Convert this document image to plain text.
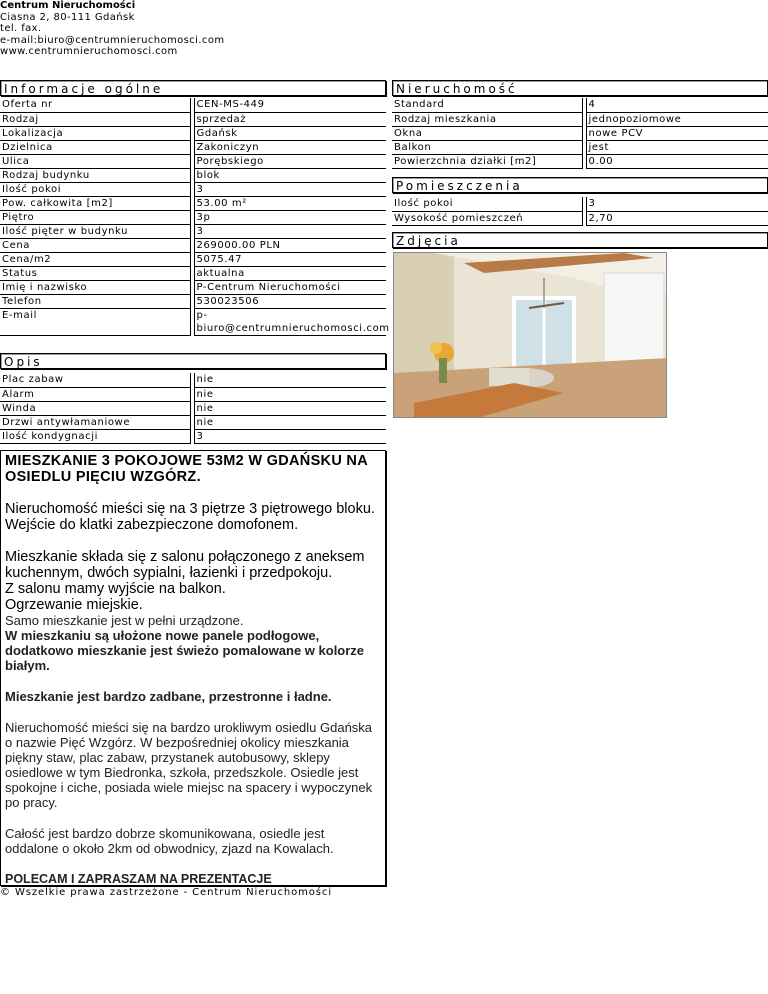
Centrum Nieruchomości
Ciasna 2, 80-111 Gdańsk
tel. fax.
e-mail:biuro@centrumnieruchomosci.com
www.centrumnieruchomosci.com
Informacje ogólne
Oferta nr		CEN-MS-449
Rodzaj		sprzedaż
Lokalizacja		Gdańsk
Dzielnica		Zakoniczyn
Ulica		Porębskiego
Rodzaj budynku		blok
Ilość pokoi		3
Pow. całkowita [m2]		53.00 m²
Piętro		3p
Ilość pięter w budynku		3
Cena		269000.00 PLN
Cena/m2		5075.47
Status		aktualna
Imię i nazwisko		P-Centrum Nieruchomości
Telefon		530023506
E-mail		p-biuro@centrumnieruchomosci.com
Nieruchomość
Standard		4
Rodzaj mieszkania		jednopoziomowe
Okna		nowe PCV
Balkon		jest
Powierzchnia działki [m2]		0.00
Pomieszczenia
Ilość pokoi		3
Wysokość pomieszczeń		2,70
Zdjęcia
Opis
Plac zabaw		nie
Alarm		nie
Winda		nie
Drzwi antywłamaniowe		nie
Ilość kondygnacji		3

MIESZKANIE 3 POKOJOWE 53M2 W GDAŃSKU NA OSIEDLU PIĘCIU WZGÓRZ.

Nieruchomość mieści się na 3 piętrze 3 piętrowego bloku.

Wejście do klatki zabezpieczone domofonem.

Mieszkanie składa się z salonu połączonego z aneksem kuchennym, dwóch sypialni, łazienki i przedpokoju.

Z salonu mamy wyjście na balkon.

Ogrzewanie miejskie.

Samo mieszkanie jest w pełni urządzone.

W mieszkaniu są ułożone nowe panele podłogowe, dodatkowo mieszkanie jest świeżo pomalowane w kolorze białym.

Mieszkanie jest bardzo zadbane, przestronne i ładne.

Nieruchomość mieści się na bardzo urokliwym osiedlu Gdańska o nazwie Pięć Wzgórz. W bezpośredniej okolicy mieszkania piękny staw, plac zabaw, przystanek autobusowy, sklepy osiedlowe w tym Biedronka, szkoła, przedszkole. Osiedle jest spokojne i ciche, posiada wiele miejsc na spacery i wypoczynek po pracy.

Całość jest bardzo dobrze skomunikowana, osiedle jest oddalone o około 2km od obwodnicy, zjazd na Kowalach.

POLECAM I ZAPRASZAM NA PREZENTACJE

© Wszelkie prawa zastrzeżone - Centrum Nieruchomości
